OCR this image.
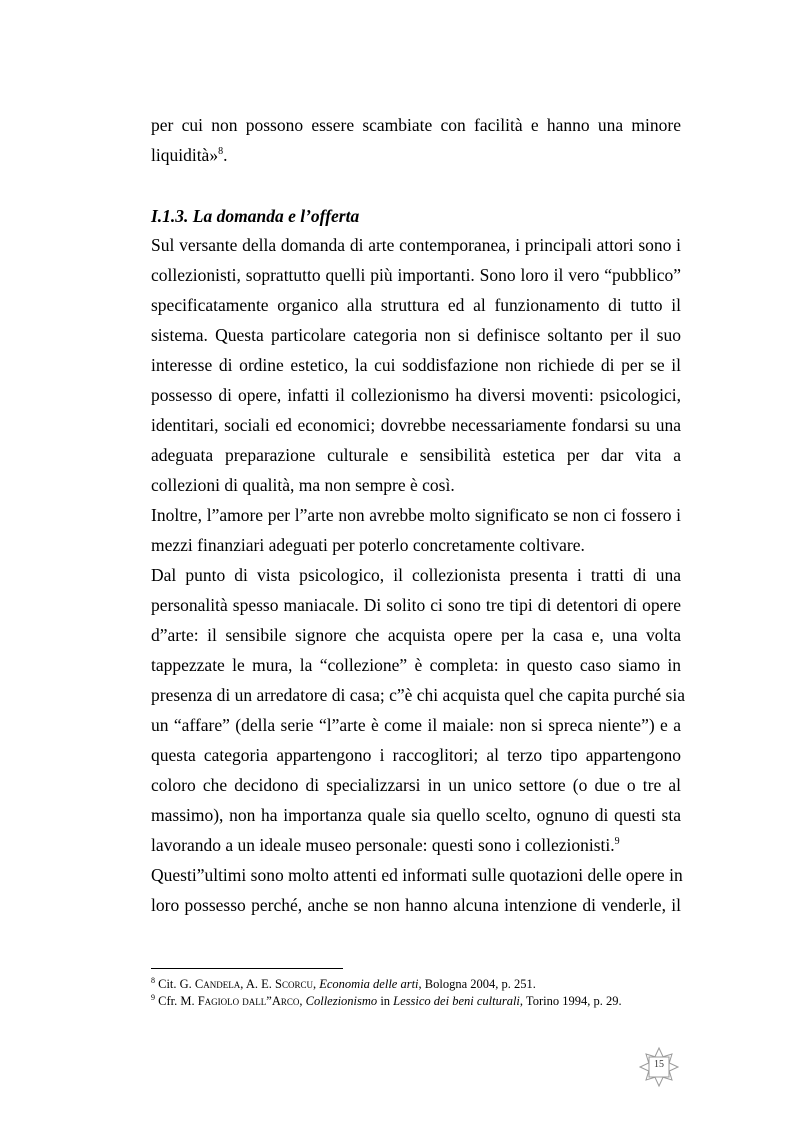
per cui non possono essere scambiate con facilità e hanno una minore
liquidità»$^8$.
I.1.3. La domanda e l’offerta
Sul versante della domanda di arte contemporanea, i principali attori sono i
collezionisti, soprattutto quelli più importanti. Sono loro il vero “pubblico”
specificatamente organico alla struttura ed al funzionamento di tutto il
sistema. Questa particolare categoria non si definisce soltanto per il suo
interesse di ordine estetico, la cui soddisfazione non richiede di per se il
possesso di opere, infatti il collezionismo ha diversi moventi: psicologici,
identitari, sociali ed economici; dovrebbe necessariamente fondarsi su una
adeguata preparazione culturale e sensibilità estetica per dar vita a
collezioni di qualità, ma non sempre è così.
Inoltre, l”amore per l”arte non avrebbe molto significato se non ci fossero i
mezzi finanziari adeguati per poterlo concretamente coltivare.
Dal punto di vista psicologico, il collezionista presenta i tratti di una
personalità spesso maniacale. Di solito ci sono tre tipi di detentori di opere
d”arte: il sensibile signore che acquista opere per la casa e, una volta
tappezzate le mura, la “collezione” è completa: in questo caso siamo in
presenza di un arredatore di casa; c”è chi acquista quel che capita purché sia
un “affare” (della serie “l”arte è come il maiale: non si spreca niente”) e a
questa categoria appartengono i raccoglitori; al terzo tipo appartengono
coloro che decidono di specializzarsi in un unico settore (o due o tre al
massimo), non ha importanza quale sia quello scelto, ognuno di questi sta
lavorando a un ideale museo personale: questi sono i collezionisti.$^9$
Questi”ultimi sono molto attenti ed informati sulle quotazioni delle opere in
loro possesso perché, anche se non hanno alcuna intenzione di venderle, il
$^8$ Cit. G. Candela, A. E. Scorcu, Economia delle arti, Bologna 2004, p. 251.
$^9$ Cfr. M. Fagiolo dall”Arco, Collezionismo in Lessico dei beni culturali, Torino 1994, p. 29.
15
